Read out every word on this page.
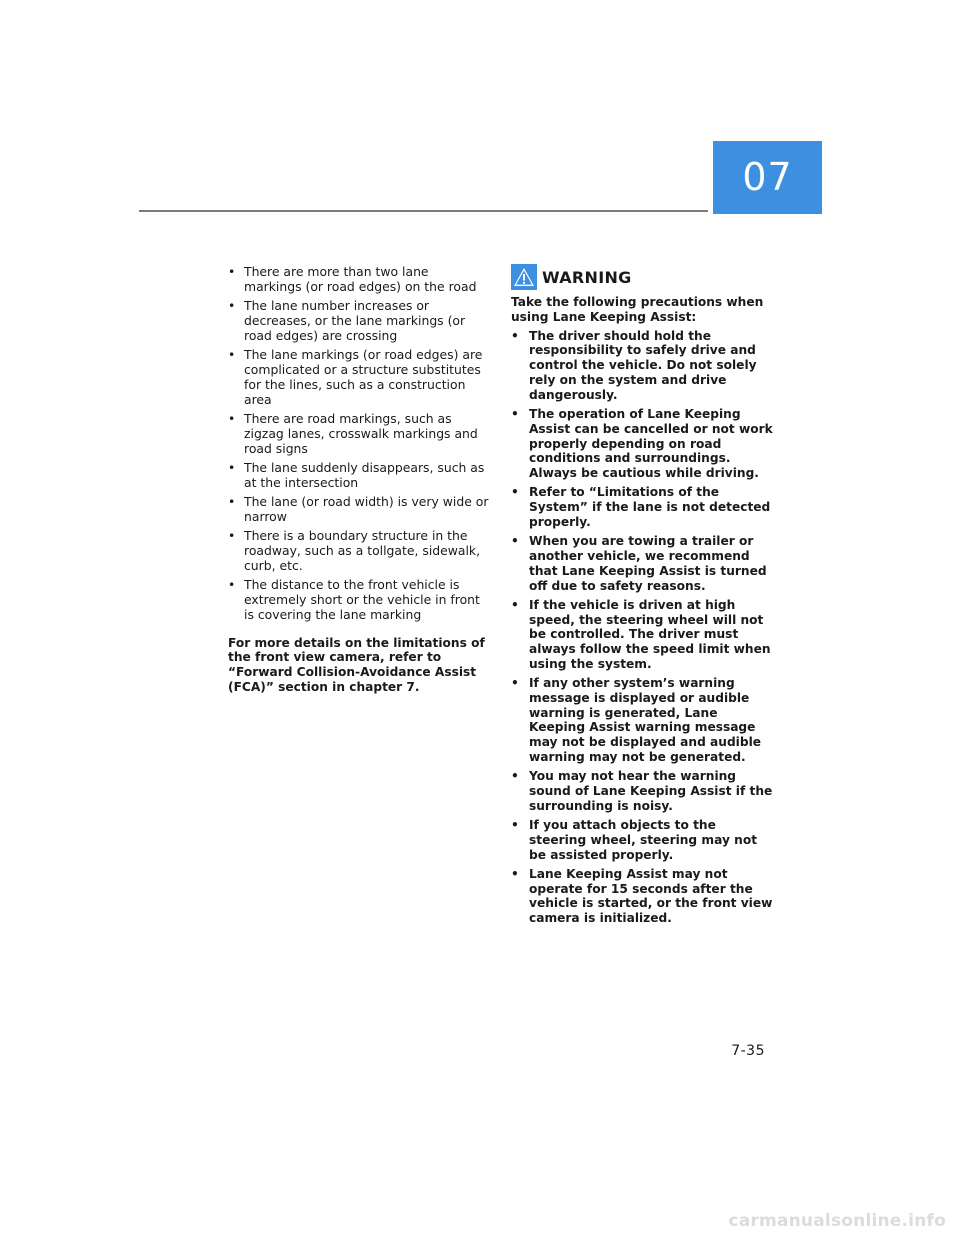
07
• There are more than two lane markings (or road edges) on the road
• The lane number increases or decreases, or the lane markings (or road edges) are crossing
• The lane markings (or road edges) are complicated or a structure substitutes for the lines, such as a construction area
• There are road markings, such as zigzag lanes, crosswalk markings and road signs
• The lane suddenly disappears, such as at the intersection
• The lane (or road width) is very wide or narrow
• There is a boundary structure in the roadway, such as a tollgate, sidewalk, curb, etc.
• The distance to the front vehicle is extremely short or the vehicle in front is covering the lane marking
For more details on the limitations of the front view camera, refer to “Forward Collision-Avoidance Assist (FCA)” section in chapter 7.
WARNING
Take the following precautions when using Lane Keeping Assist:
• The driver should hold the responsibility to safely drive and control the vehicle. Do not solely rely on the system and drive dangerously.
• The operation of Lane Keeping Assist can be cancelled or not work properly depending on road conditions and surroundings. Always be cautious while driving.
• Refer to “Limitations of the System” if the lane is not detected properly.
• When you are towing a trailer or another vehicle, we recommend that Lane Keeping Assist is turned off due to safety reasons.
• If the vehicle is driven at high speed, the steering wheel will not be controlled. The driver must always follow the speed limit when using the system.
• If any other system’s warning message is displayed or audible warning is generated, Lane Keeping Assist warning message may not be displayed and audible warning may not be generated.
• You may not hear the warning sound of Lane Keeping Assist if the surrounding is noisy.
• If you attach objects to the steering wheel, steering may not be assisted properly.
• Lane Keeping Assist may not operate for 15 seconds after the vehicle is started, or the front view camera is initialized.
7-35
carmanualsonline.info
